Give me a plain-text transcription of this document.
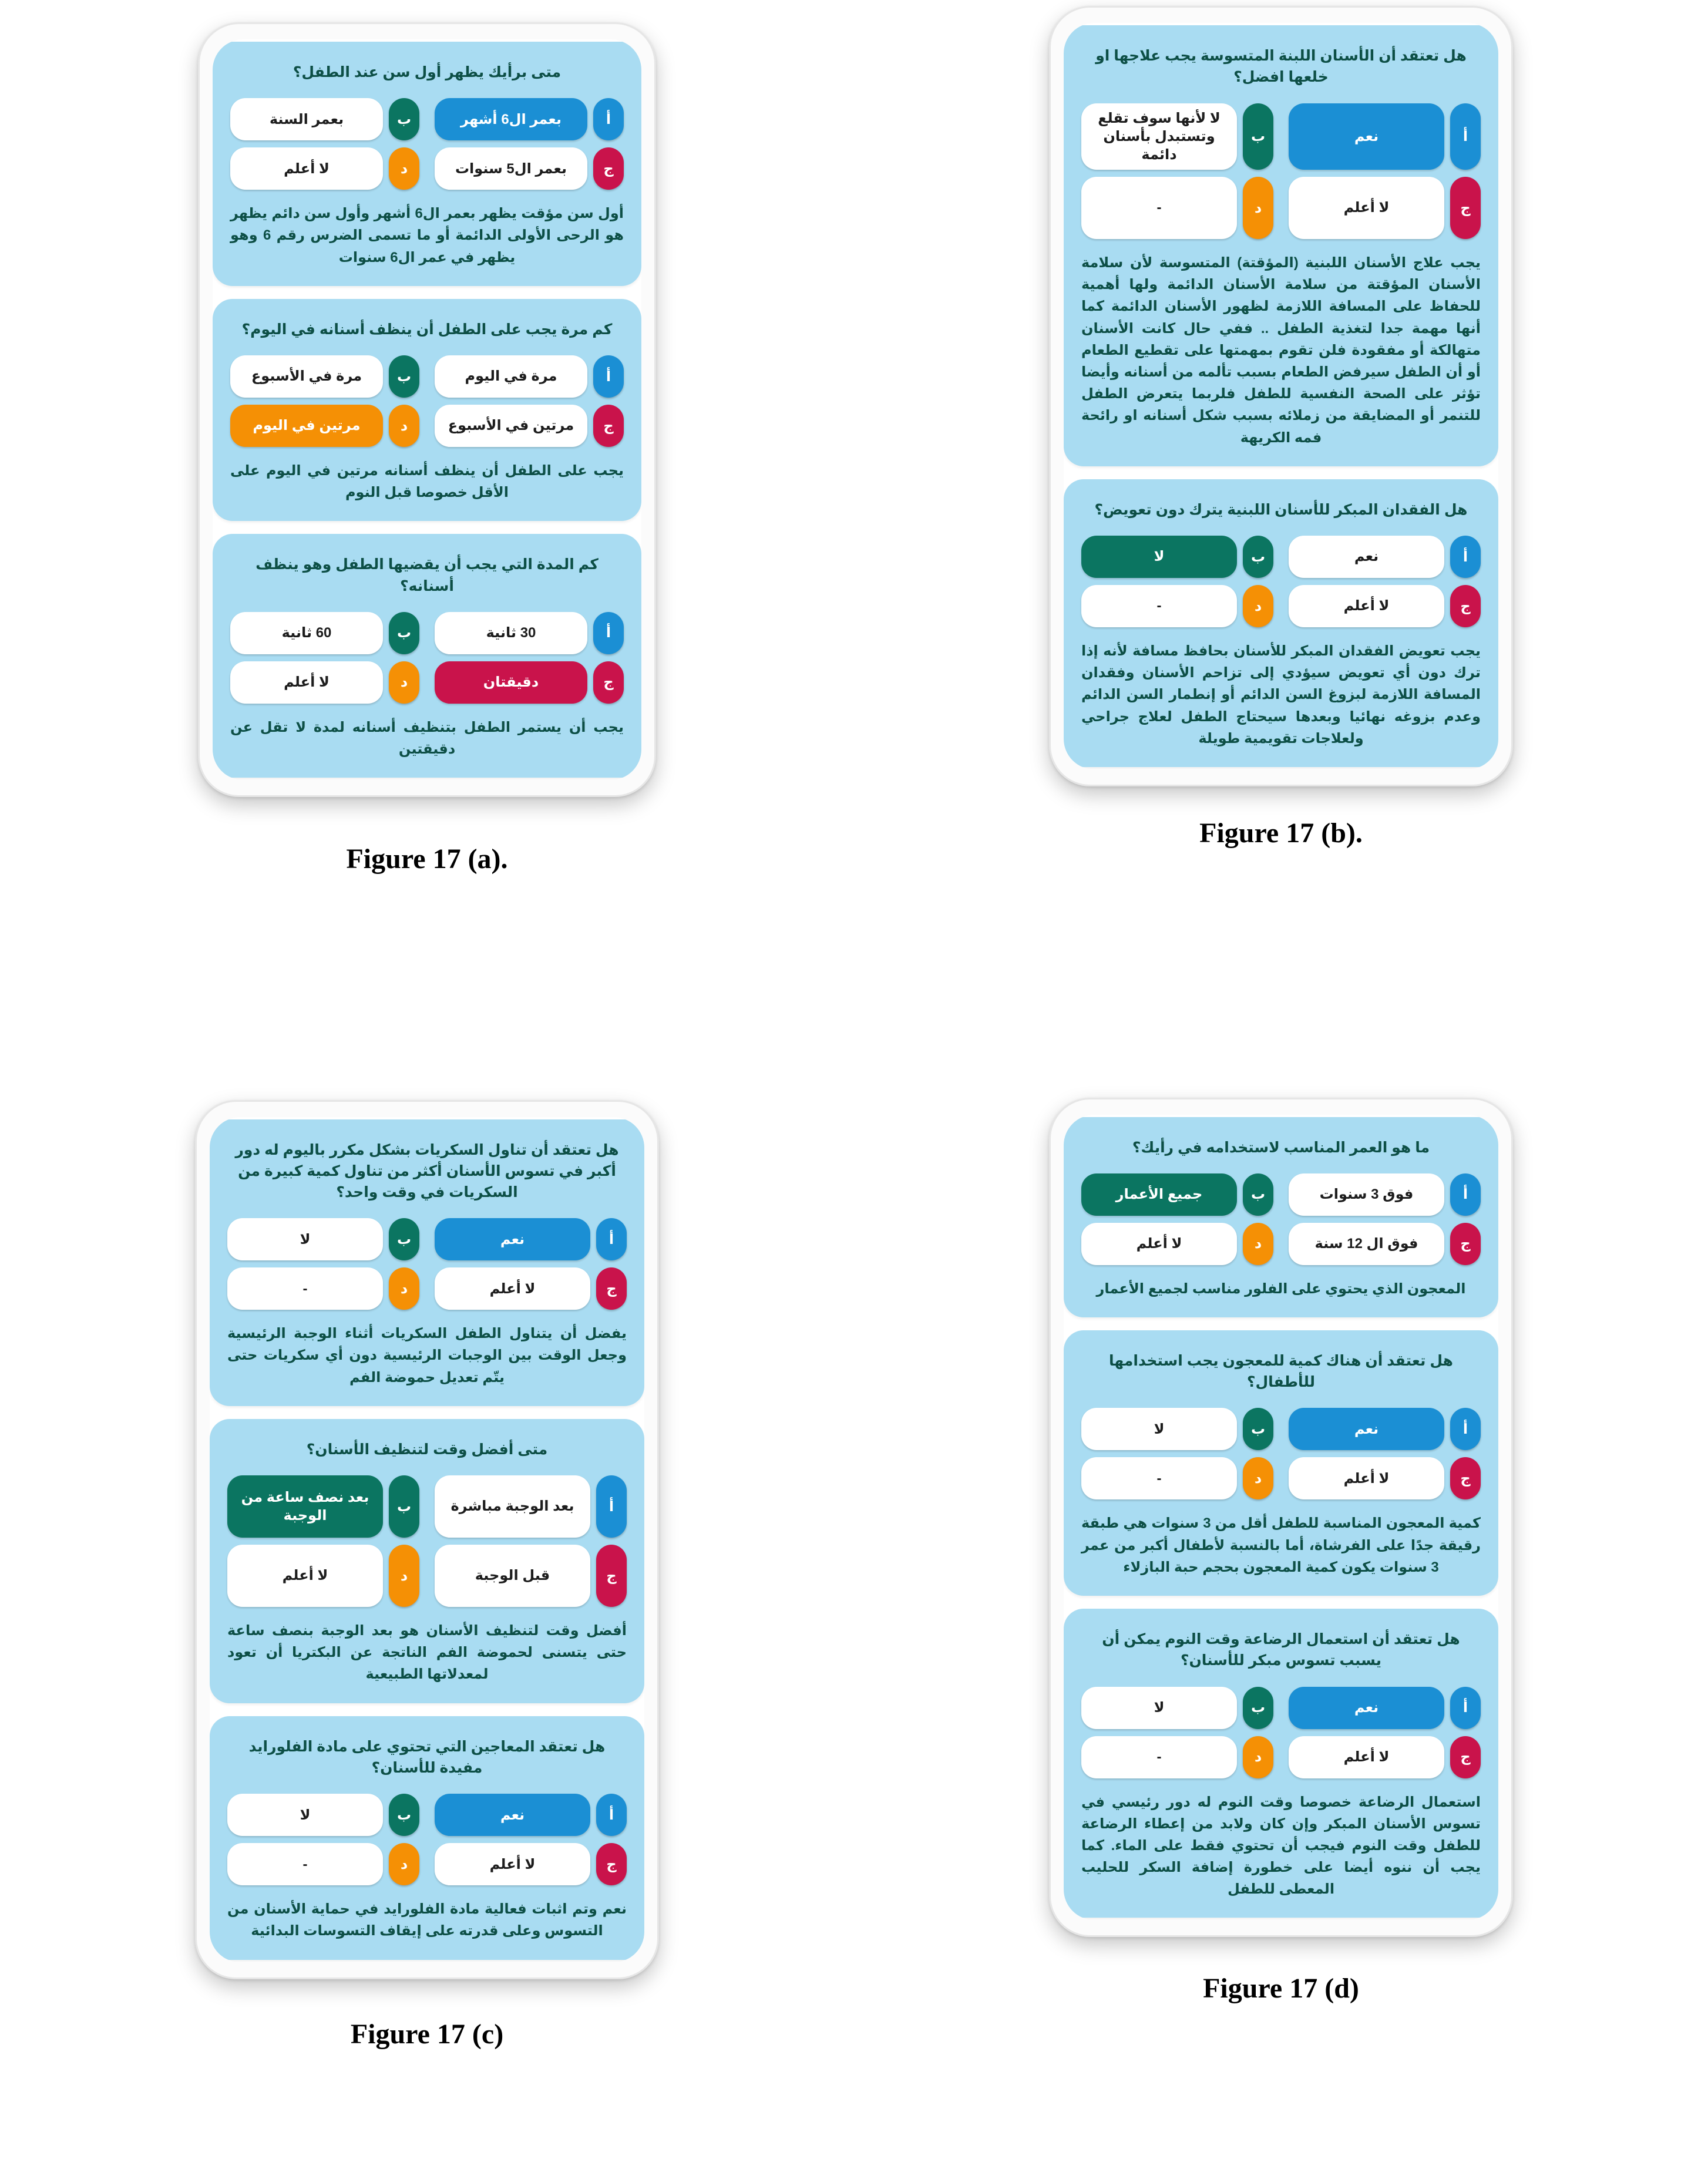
متى برأيك يظهر أول سن عند الطفل؟

أ
بعمر ال6 أشهر
ب
بعمر السنة
ج
بعمر ال5 سنوات
د
لا أعلم

أول سن مؤقت يظهر بعمر ال6 أشهر وأول سن دائم يظهر هو الرحى الأولى الدائمة أو ما تسمى الضرس رقم 6 وهو يظهر في عمر ال6 سنوات

كم مرة يجب على الطفل أن ينظف أسنانه في اليوم؟

أ
مرة في اليوم
ب
مرة في الأسبوع
ج
مرتين في الأسبوع
د
مرتين في اليوم

يجب على الطفل أن ينظف أسنانه مرتين في اليوم على الأقل خصوصا قبل النوم

كم المدة التي يجب أن يقضيها الطفل وهو ينظف أسنانه؟

أ
30 ثانية
ب
60 ثانية
ج
دقيقتان
د
لا أعلم

يجب أن يستمر الطفل بتنظيف أسنانه لمدة لا تقل عن دقيقتين

Figure 17 (a).

هل تعتقد أن الأسنان اللبنة المتسوسة يجب علاجها او خلعها افضل؟

أ
نعم
ب
لا لأنها سوف تقلع وتستبدل بأسنان دائمة
ج
لا أعلم
د
-

يجب علاج الأسنان اللبنية (المؤقتة) المتسوسة لأن سلامة الأسنان المؤقتة من سلامة الأسنان الدائمة ولها أهمية للحفاظ على المسافة اللازمة لظهور الأسنان الدائمة كما أنها مهمة جدا لتغذية الطفل .. ففي حال كانت الأسنان متهالكة أو مفقودة فلن تقوم بمهمتها على تقطيع الطعام أو أن الطفل سيرفض الطعام بسبب تألمه من أسنانه وأيضا تؤثر على الصحة النفسية للطفل فلربما يتعرض الطفل للتنمر أو المضايقة من زملائه بسبب شكل أسنانه او رائحة فمه الكريهة

هل الفقدان المبكر للأسنان اللبنية يترك دون تعويض؟

أ
نعم
ب
لا
ج
لا أعلم
د
-

يجب تعويض الفقدان المبكر للأسنان بحافظ مسافة لأنه إذا ترك دون أي تعويض سيؤدي إلى تزاحم الأسنان وفقدان المسافة اللازمة لبزوغ السن الدائم أو إنطمار السن الدائم وعدم بزوغه نهائيا وبعدها سيحتاج الطفل لعلاج جراحي ولعلاجات تقويمية طويلة

Figure 17 (b).

هل تعتقد أن تناول السكريات بشكل مكرر باليوم له دور أكبر في تسوس الأسنان أكثر من تناول كمية كبيرة من السكريات في وقت واحد؟

أ
نعم
ب
لا
ج
لا أعلم
د
-

يفضل أن يتناول الطفل السكريات أثناء الوجبة الرئيسية وجعل الوقت بين الوجبات الرئيسية دون أي سكريات حتى يتّم تعديل حموضة الفم

متى أفضل وقت لتنظيف الأسنان؟

أ
بعد الوجبة مباشرة
ب
بعد نصف ساعة من الوجبة
ج
قبل الوجبة
د
لا أعلم

أفضل وقت لتنظيف الأسنان هو بعد الوجبة بنصف ساعة حتى يتسنى لحموضة الفم الناتجة عن البكتريا أن تعود لمعدلاتها الطبيعية

هل تعتقد المعاجين التي تحتوي على مادة الفلورايد مفيدة للأسنان؟

أ
نعم
ب
لا
ج
لا أعلم
د
-

نعم وتم اثبات فعالية مادة الفلورايد في حماية الأسنان من التسوس وعلى قدرته على إيقاف التسوسات البدائية

Figure 17 (c)

ما هو العمر المناسب لاستخدامه في رأيك؟

أ
فوق 3 سنوات
ب
جميع الأعمار
ج
فوق ال 12 سنة
د
لا أعلم

المعجون الذي يحتوي على الفلور مناسب لجميع الأعمار

هل تعتقد أن هناك كمية للمعجون يجب استخدامها للأطفال؟

أ
نعم
ب
لا
ج
لا أعلم
د
-

كمية المعجون المناسبة للطفل أقل من 3 سنوات هي طبقة رقيقة جدًا على الفرشاة، أما بالنسبة لأطفال أكبر من عمر 3 سنوات يكون كمية المعجون بحجم حبة البازلاء

هل تعتقد أن استعمال الرضاعة وقت النوم يمكن أن يسبب تسوس مبكر للأسنان؟

أ
نعم
ب
لا
ج
لا أعلم
د
-

استعمال الرضاعة خصوصا وقت النوم له دور رئيسي في تسوس الأسنان المبكر وإن كان ولابد من إعطاء الرضاعة للطفل وقت النوم فيجب أن تحتوي فقط على الماء. كما يجب أن ننوه أيضا على خطورة إضافة السكر للحليب المعطى للطفل

Figure 17 (d)
